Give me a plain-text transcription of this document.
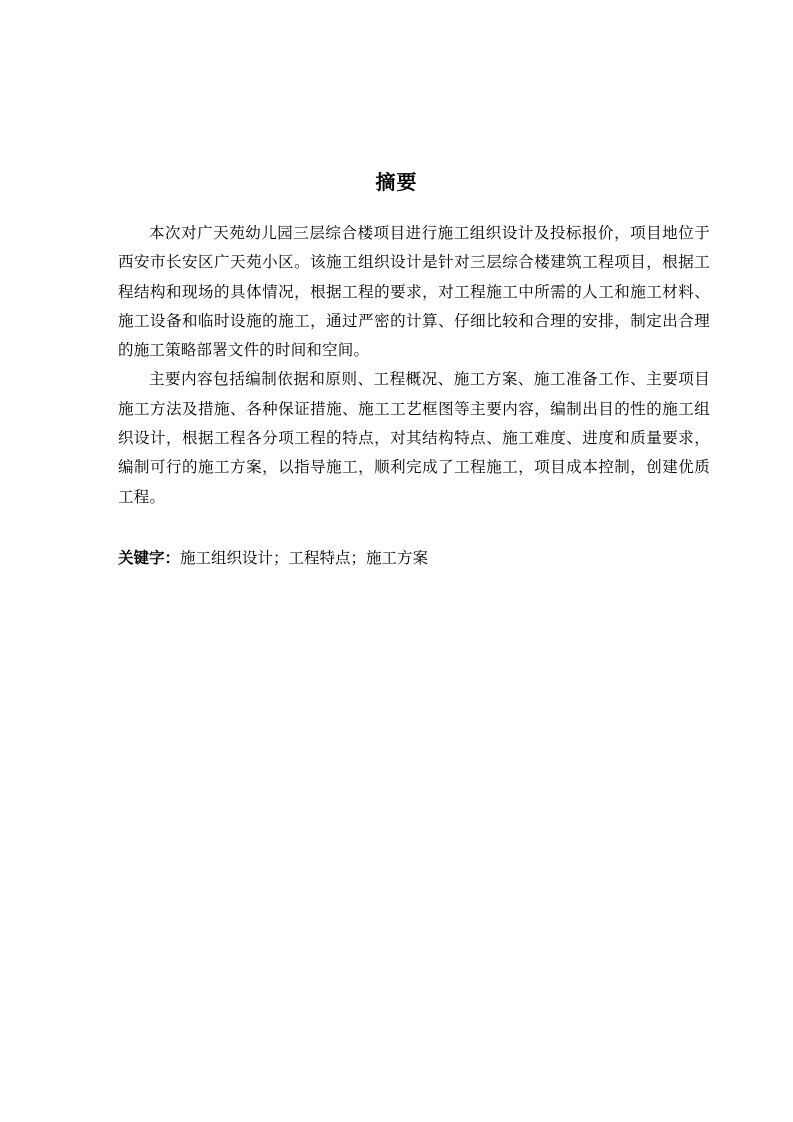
摘要

本次对广天苑幼儿园三层综合楼项目进行施工组织设计及投标报价，项目地位于西安市长安区广天苑小区。该施工组织设计是针对三层综合楼建筑工程项目，根据工程结构和现场的具体情况，根据工程的要求，对工程施工中所需的人工和施工材料、施工设备和临时设施的施工，通过严密的计算、仔细比较和合理的安排，制定出合理的施工策略部署文件的时间和空间。

主要内容包括编制依据和原则、工程概况、施工方案、施工准备工作、主要项目施工方法及措施、各种保证措施、施工工艺框图等主要内容，编制出目的性的施工组织设计，根据工程各分项工程的特点，对其结构特点、施工难度、进度和质量要求，编制可行的施工方案，以指导施工，顺利完成了工程施工，项目成本控制，创建优质工程。

关键字：施工组织设计；工程特点；施工方案
